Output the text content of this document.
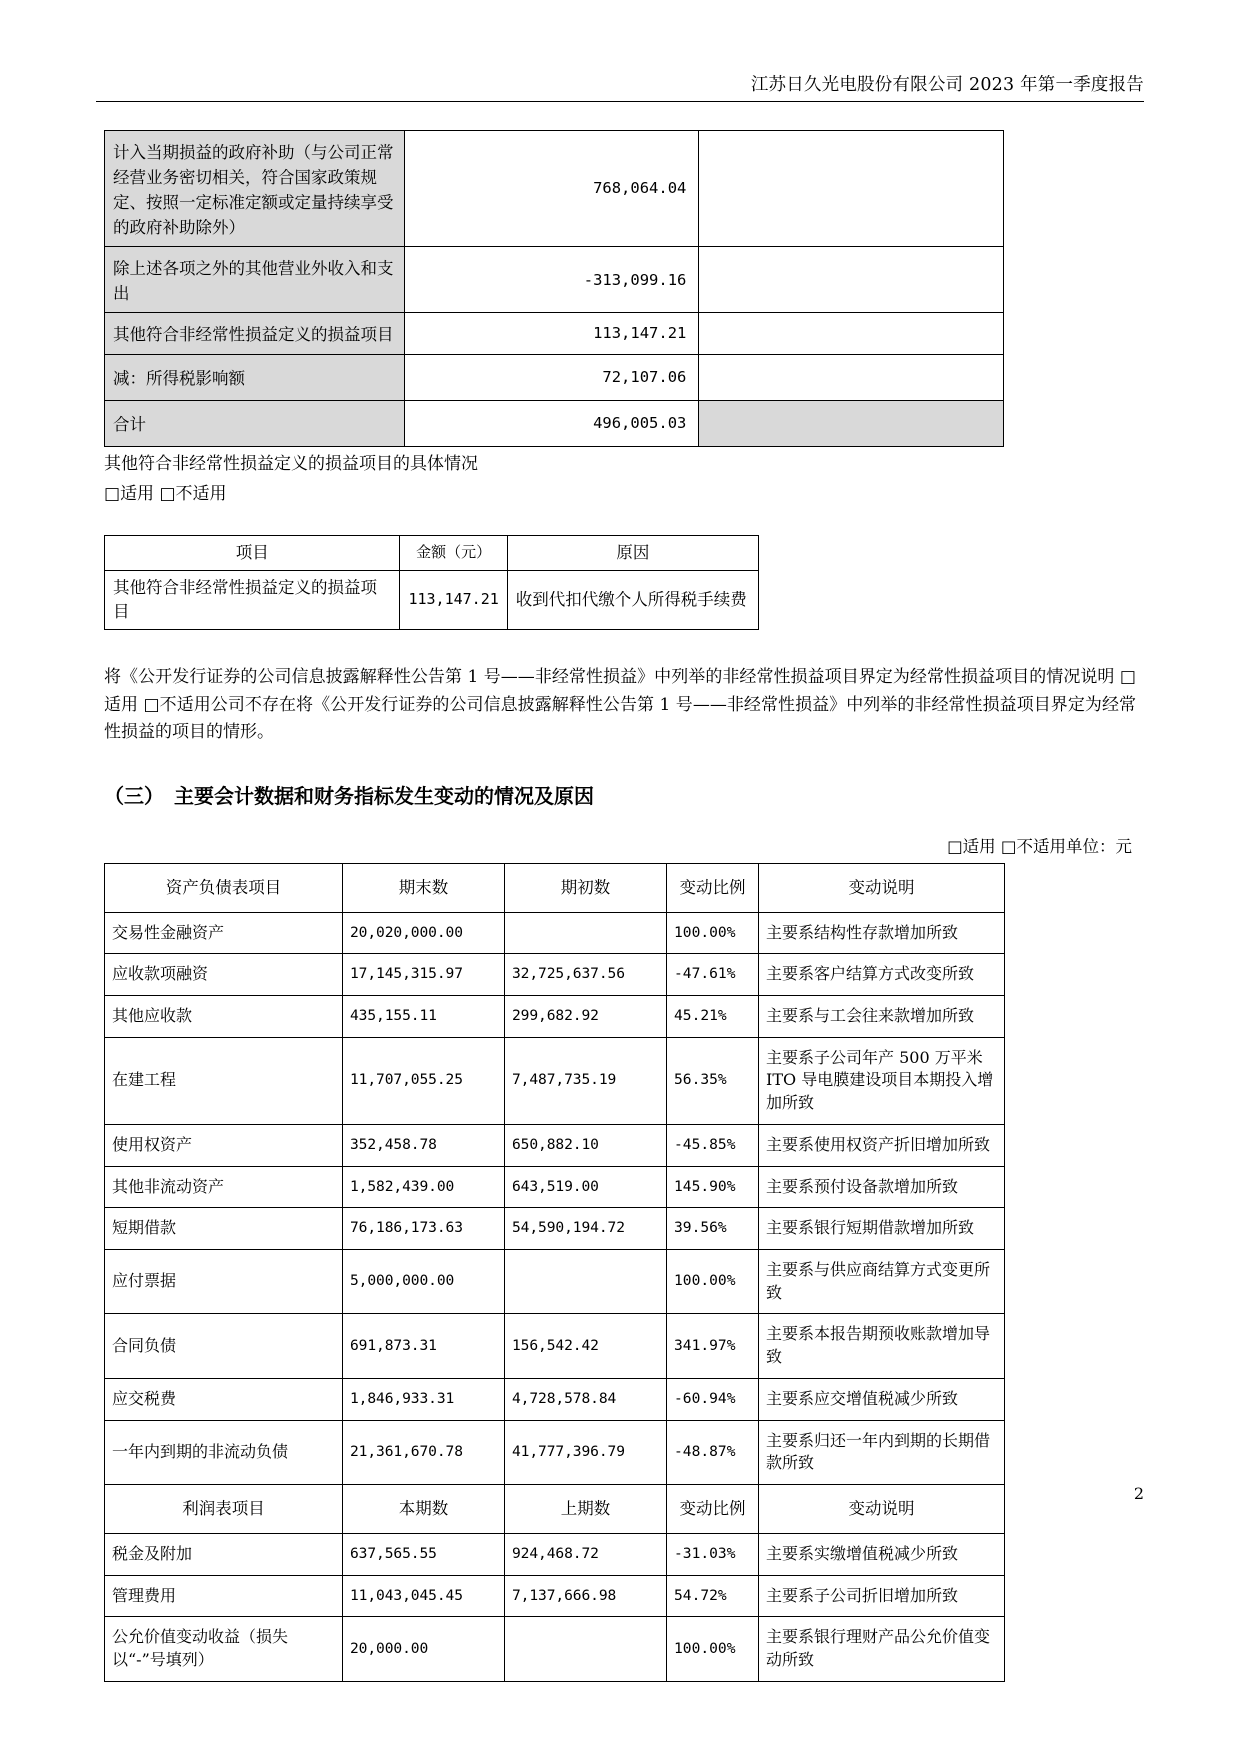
江苏日久光电股份有限公司 2023 年第一季度报告
计入当期损益的政府补助（与公司正常经营业务密切相关，符合国家政策规定、按照一定标准定额或定量持续享受的政府补助除外）	768,064.04	
除上述各项之外的其他营业外收入和支出	-313,099.16	
其他符合非经常性损益定义的损益项目	113,147.21	
减：所得税影响额	72,107.06	
合计	496,005.03	
其他符合非经常性损益定义的损益项目的具体情况
□适用 □不适用
项目	金额（元）	原因
其他符合非经常性损益定义的损益项目	113,147.21	收到代扣代缴个人所得税手续费

将《公开发行证券的公司信息披露解释性公告第 1 号——非经常性损益》中列举的非经常性损益项目界定为经常性损益项目的情况说明 □适用 □不适用公司不存在将《公开发行证券的公司信息披露解释性公告第 1 号——非经常性损益》中列举的非经常性损益项目界定为经常性损益的项目的情形。

（三） 主要会计数据和财务指标发生变动的情况及原因
□适用 □不适用单位：元
资产负债表项目	期末数	期初数	变动比例	变动说明
交易性金融资产	20,020,000.00		100.00%	主要系结构性存款增加所致
应收款项融资	17,145,315.97	32,725,637.56	-47.61%	主要系客户结算方式改变所致
其他应收款	435,155.11	299,682.92	45.21%	主要系与工会往来款增加所致
在建工程	11,707,055.25	7,487,735.19	56.35%	主要系子公司年产 500 万平米 ITO 导电膜建设项目本期投入增加所致
使用权资产	352,458.78	650,882.10	-45.85%	主要系使用权资产折旧增加所致
其他非流动资产	1,582,439.00	643,519.00	145.90%	主要系预付设备款增加所致
短期借款	76,186,173.63	54,590,194.72	39.56%	主要系银行短期借款增加所致
应付票据	5,000,000.00		100.00%	主要系与供应商结算方式变更所致
合同负债	691,873.31	156,542.42	341.97%	主要系本报告期预收账款增加导致
应交税费	1,846,933.31	4,728,578.84	-60.94%	主要系应交增值税减少所致
一年内到期的非流动负债	21,361,670.78	41,777,396.79	-48.87%	主要系归还一年内到期的长期借款所致
利润表项目	本期数	上期数	变动比例	变动说明
税金及附加	637,565.55	924,468.72	-31.03%	主要系实缴增值税减少所致
管理费用	11,043,045.45	7,137,666.98	54.72%	主要系子公司折旧增加所致
公允价值变动收益（损失以“-”号填列）	20,000.00		100.00%	主要系银行理财产品公允价值变动所致
2
